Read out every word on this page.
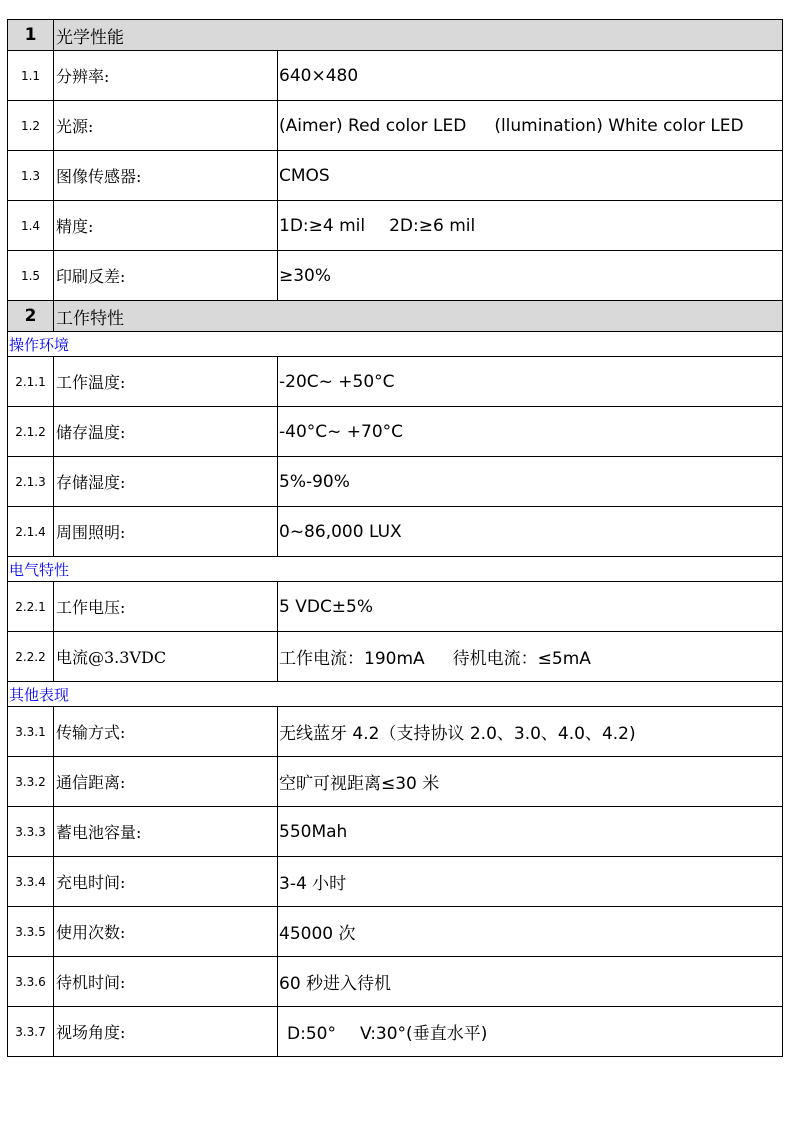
1	光学性能	
1.1	分辨率:	640×480
1.2	光源:	(Aimer) Red color LED (llumination) White color LED
1.3	图像传感器:	CMOS
1.4	精度:	1D:≥4 mil 2D:≥6 mil
1.5	印刷反差:	≥30%
2	工作特性	
操作环境		
2.1.1	工作温度:	-20C~ +50°C
2.1.2	储存温度:	-40°C~ +70°C
2.1.3	存储湿度:	5%-90%
2.1.4	周围照明:	0~86,000 LUX
电气特性		
2.2.1	工作电压:	5 VDC±5%
2.2.2	电流@3.3VDC	工作电流：190mA 待机电流：≤5mA
其他表现		
3.3.1	传输方式:	无线蓝牙 4.2（支持协议 2.0、3.0、4.0、4.2)
3.3.2	通信距离:	空旷可视距离≤30 米
3.3.3	蓄电池容量:	550Mah
3.3.4	充电时间:	3-4 小时
3.3.5	使用次数:	45000 次
3.3.6	待机时间:	60 秒进入待机
3.3.7	视场角度:	D:50° V:30°(垂直水平)
